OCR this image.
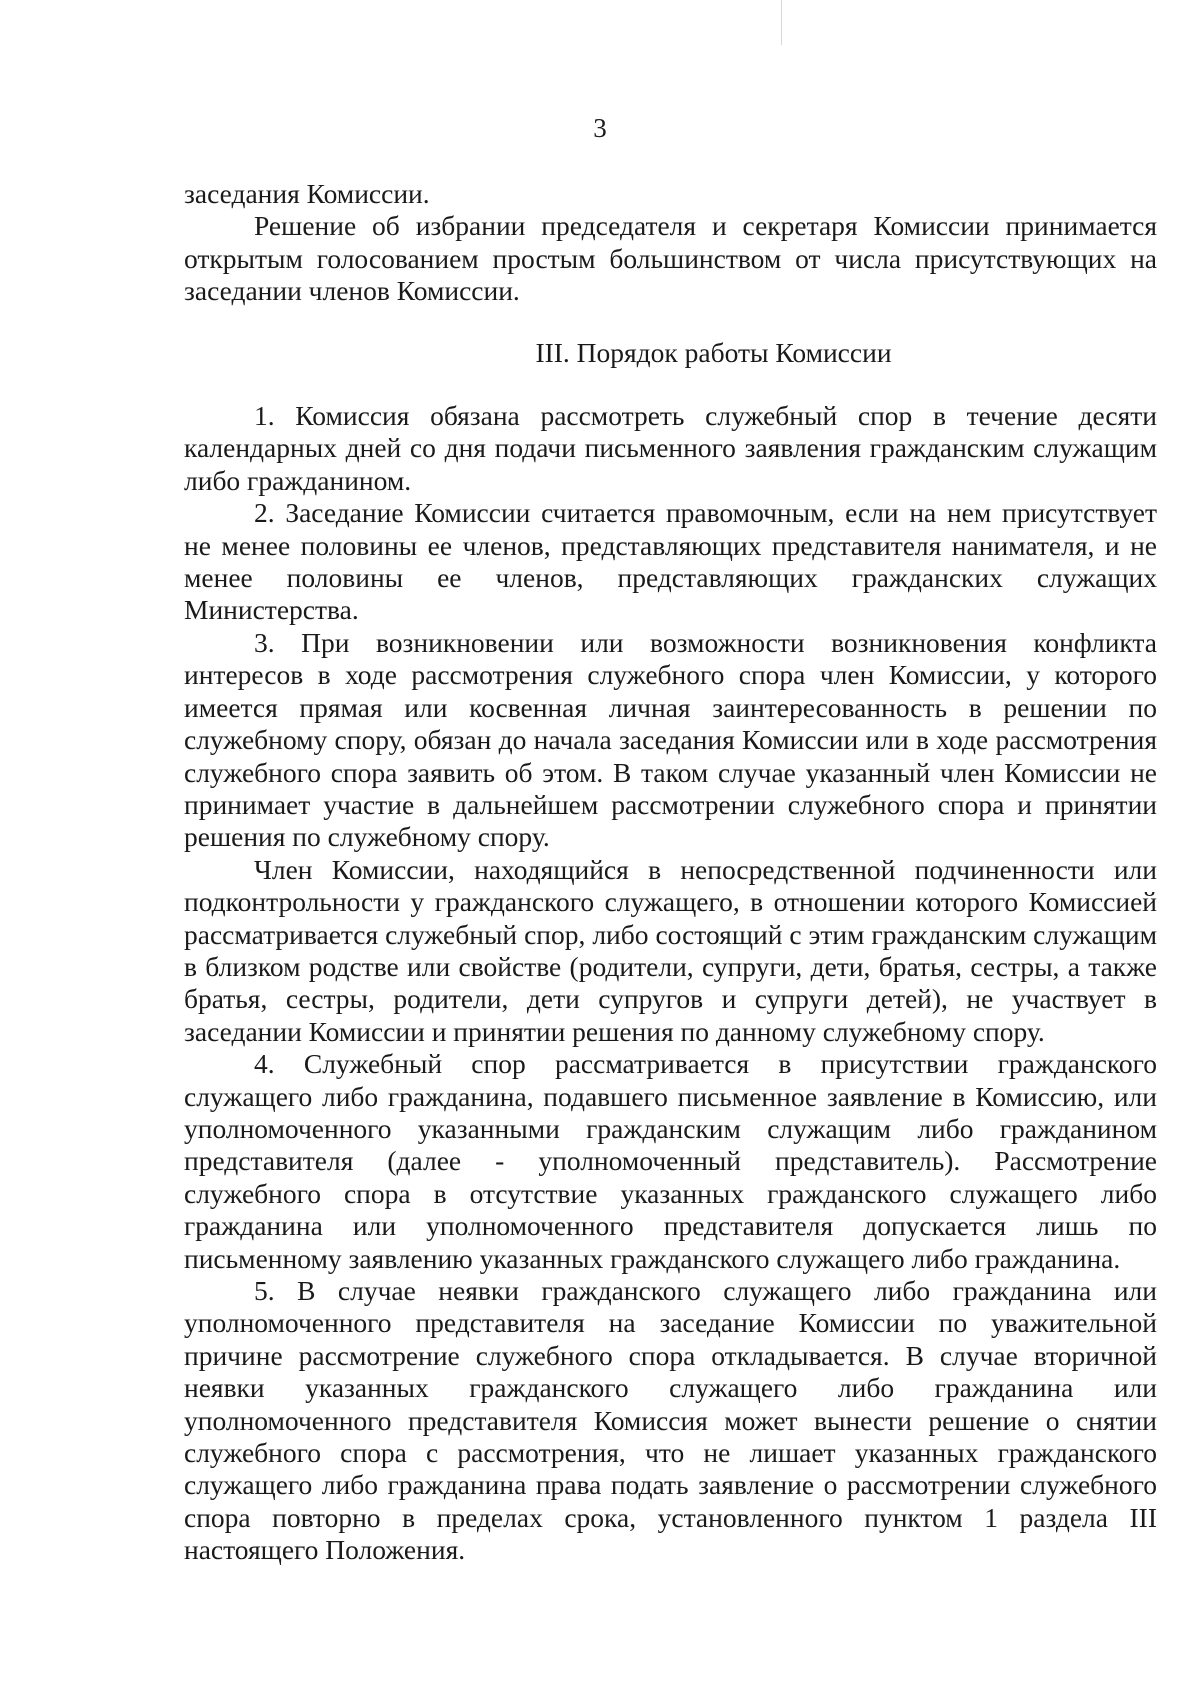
3

заседания Комиссии.

Решение об избрании председателя и секретаря Комиссии принимается открытым голосованием простым большинством от числа присутствующих на заседании членов Комиссии.

III. Порядок работы Комиссии

1. Комиссия обязана рассмотреть служебный спор в течение десяти календарных дней со дня подачи письменного заявления гражданским служащим либо гражданином.

2. Заседание Комиссии считается правомочным, если на нем присутствует не менее половины ее членов, представляющих представителя нанимателя, и не менее половины ее членов, представляющих гражданских служащих Министерства.

3. При возникновении или возможности возникновения конфликта интересов в ходе рассмотрения служебного спора член Комиссии, у которого имеется прямая или косвенная личная заинтересованность в решении по служебному спору, обязан до начала заседания Комиссии или в ходе рассмотрения служебного спора заявить об этом. В таком случае указанный член Комиссии не принимает участие в дальнейшем рассмотрении служебного спора и принятии решения по служебному спору.

Член Комиссии, находящийся в непосредственной подчиненности или подконтрольности у гражданского служащего, в отношении которого Комиссией рассматривается служебный спор, либо состоящий с этим гражданским служащим в близком родстве или свойстве (родители, супруги, дети, братья, сестры, а также братья, сестры, родители, дети супругов и супруги детей), не участвует в заседании Комиссии и принятии решения по данному служебному спору.

4. Служебный спор рассматривается в присутствии гражданского служащего либо гражданина, подавшего письменное заявление в Комиссию, или уполномоченного указанными гражданским служащим либо гражданином представителя (далее - уполномоченный представитель). Рассмотрение служебного спора в отсутствие указанных гражданского служащего либо гражданина или уполномоченного представителя допускается лишь по письменному заявлению указанных гражданского служащего либо гражданина.

5. В случае неявки гражданского служащего либо гражданина или уполномоченного представителя на заседание Комиссии по уважительной причине рассмотрение служебного спора откладывается. В случае вторичной неявки указанных гражданского служащего либо гражданина или уполномоченного представителя Комиссия может вынести решение о снятии служебного спора с рассмотрения, что не лишает указанных гражданского служащего либо гражданина права подать заявление о рассмотрении служебного спора повторно в пределах срока, установленного пунктом 1 раздела III настоящего Положения.
